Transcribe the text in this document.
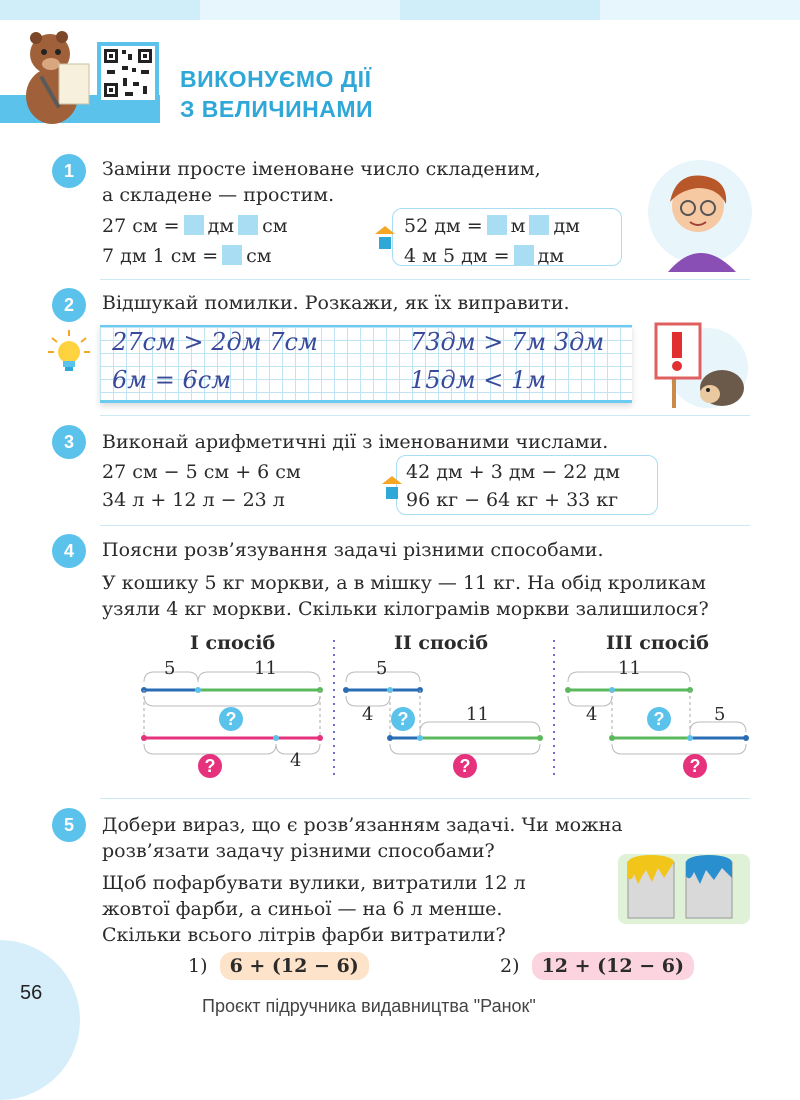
ВИКОНУЄМО ДІЇ
З ВЕЛИЧИНАМИ
1	Заміни просте іменоване число складеним,
а складене — простим.
27 см = дм см
7 дм 1 см = см
52 дм = м дм
4 м 5 дм = дм
2	Відшукай помилки. Розкажи, як їх виправити.
27см > 2дм 7см	73дм > 7м 3дм
6м = 6см	15дм < 1м
3	Виконай арифметичні дії з іменованими числами.
27 см − 5 см + 6 см
34 л + 12 л − 23 л
42 дм + 3 дм − 22 дм
96 кг − 64 кг + 33 кг
4	Поясни розв’язування задачі різними способами.
У кошику 5 кг моркви, а в мішку — 11 кг. На обід кроликам
узяли 4 кг моркви. Скільки кілограмів моркви залишилося?
І спосіб	ІІ спосіб	ІІІ спосіб
5	11
?
?	4
5
4	?	11
?
11
4	?	5
?
5	Добери вираз, що є розв’язанням задачі. Чи можна
розв’язати задачу різними способами?
Щоб пофарбувати вулики, витратили 12 л
жовтої фарби, а синьої — на 6 л менше.
Скільки всього літрів фарби витратили?
1) 6 + (12 − 6)	2) 12 + (12 − 6)
56
Проєкт підручника видавництва "Ранок"
